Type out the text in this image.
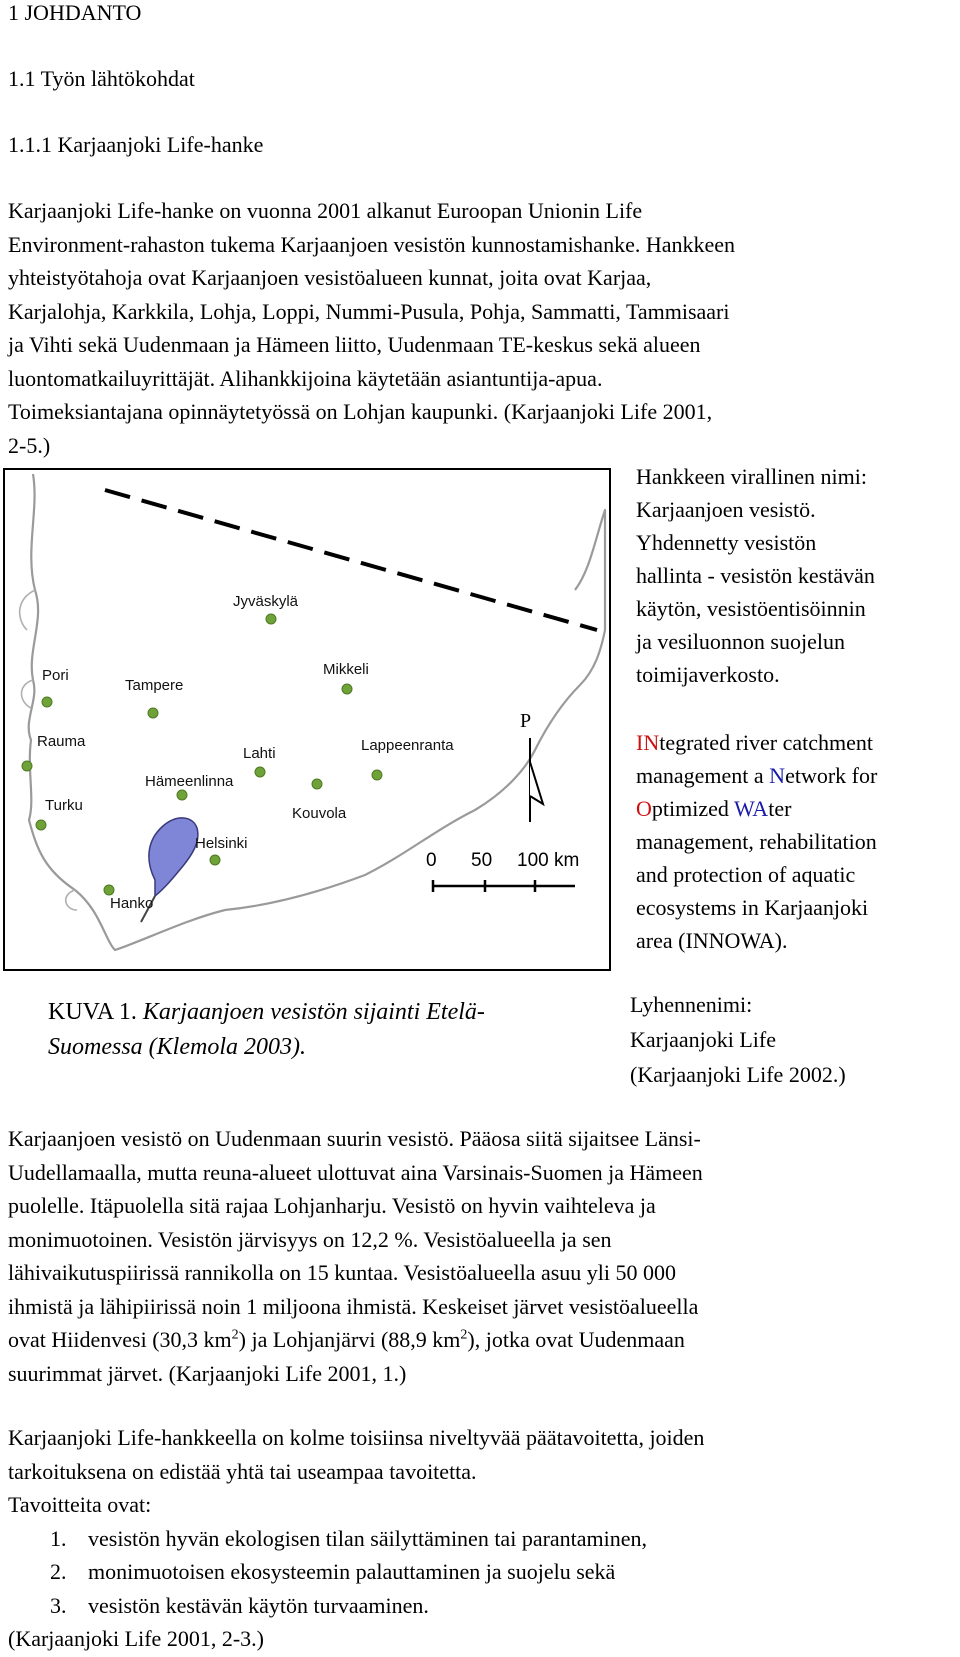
1 JOHDANTO
1.1 Työn lähtökohdat
1.1.1 Karjaanjoki Life-hanke

Karjaanjoki Life-hanke on vuonna 2001 alkanut Euroopan Unionin Life

Environment-rahaston tukema Karjaanjoen vesistön kunnostamishanke. Hankkeen

yhteistyötahoja ovat Karjaanjoen vesistöalueen kunnat, joita ovat Karjaa,

Karjalohja, Karkkila, Lohja, Loppi, Nummi-Pusula, Pohja, Sammatti, Tammisaari

ja Vihti sekä Uudenmaan ja Hämeen liitto, Uudenmaan TE-keskus sekä alueen

luontomatkailuyrittäjät. Alihankkijoina käytetään asiantuntija-apua.

Toimeksiantajana opinnäytetyössä on Lohjan kaupunki. (Karjaanjoki Life 2001,

2-5.)

Jyväskylä
Pori
Tampere
Mikkeli
Rauma
Lahti	Lappeenranta
Hämeenlinna
Kouvola
Turku
Helsinki
Hanko
P
0 50 100 km
Hankkeen virallinen nimi:
Karjaanjoen vesistö.
Yhdennetty vesistön
hallinta - vesistön kestävän
käytön, vesistöentisöinnin
ja vesiluonnon suojelun
toimijaverkosto.
INtegrated river catchment
management a Network for
Optimized WAter
management, rehabilitation
and protection of aquatic
ecosystems in Karjaanjoki
area (INNOWA).
Lyhennenimi:
Karjaanjoki Life
(Karjaanjoki Life 2002.)
KUVA 1. Karjaanjoen vesistön sijainti Etelä-
Suomessa (Klemola 2003).

Karjaanjoen vesistö on Uudenmaan suurin vesistö. Pääosa siitä sijaitsee Länsi-

Uudellamaalla, mutta reuna-alueet ulottuvat aina Varsinais-Suomen ja Hämeen

puolelle. Itäpuolella sitä rajaa Lohjanharju. Vesistö on hyvin vaihteleva ja

monimuotoinen. Vesistön järvisyys on 12,2 %. Vesistöalueella ja sen

lähivaikutuspiirissä rannikolla on 15 kuntaa. Vesistöalueella asuu yli 50 000

ihmistä ja lähipiirissä noin 1 miljoona ihmistä. Keskeiset järvet vesistöalueella

ovat Hiidenvesi (30,3 $km^2$) ja Lohjanjärvi (88,9 $km^2$), jotka ovat Uudenmaan

suurimmat järvet. (Karjaanjoki Life 2001, 1.)

Karjaanjoki Life-hankkeella on kolme toisiinsa niveltyvää päätavoitetta, joiden

tarkoituksena on edistää yhtä tai useampaa tavoitetta.

Tavoitteita ovat:

1. vesistön hyvän ekologisen tilan säilyttäminen tai parantaminen,
2. monimuotoisen ekosysteemin palauttaminen ja suojelu sekä
3. vesistön kestävän käytön turvaaminen.

(Karjaanjoki Life 2001, 2-3.)
